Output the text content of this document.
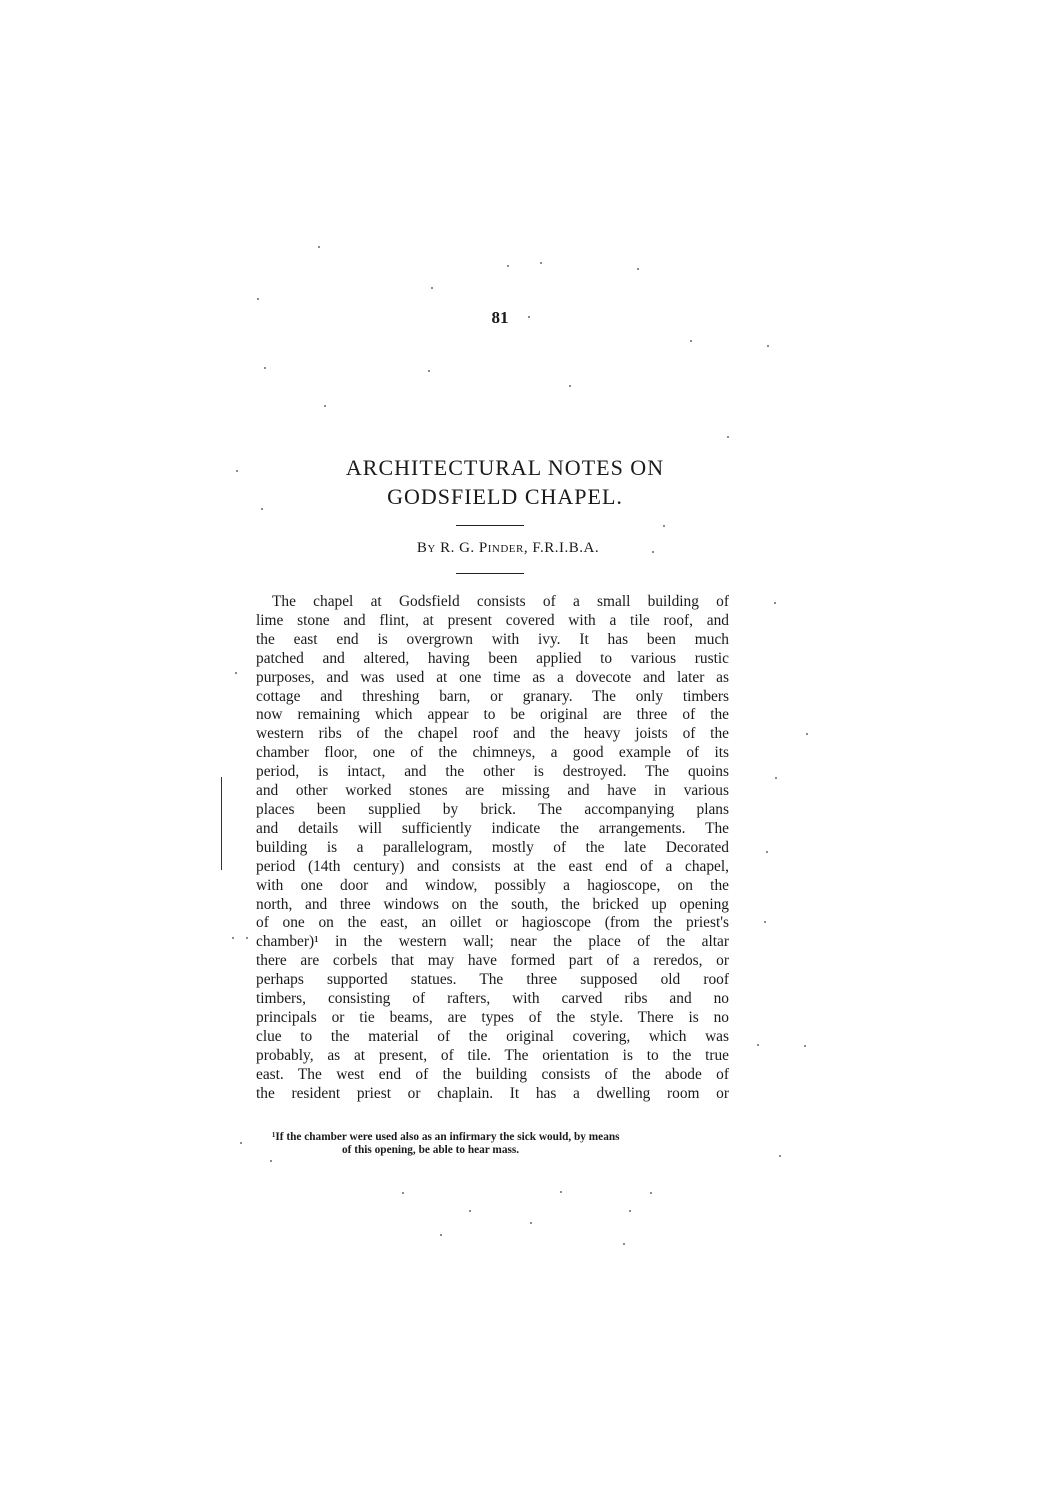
81
ARCHITECTURAL NOTES ON
GODSFIELD CHAPEL.
By R. G. Pinder, F.R.I.B.A.
The chapel at Godsfield consists of a small building of
lime stone and flint, at present covered with a tile roof, and
the east end is overgrown with ivy. It has been much
patched and altered, having been applied to various rustic
purposes, and was used at one time as a dovecote and later as
cottage and threshing barn, or granary. The only timbers
now remaining which appear to be original are three of the
western ribs of the chapel roof and the heavy joists of the
chamber floor, one of the chimneys, a good example of its
period, is intact, and the other is destroyed. The quoins
and other worked stones are missing and have in various
places been supplied by brick. The accompanying plans
and details will sufficiently indicate the arrangements. The
building is a parallelogram, mostly of the late Decorated
period (14th century) and consists at the east end of a chapel,
with one door and window, possibly a hagioscope, on the
north, and three windows on the south, the bricked up opening
of one on the east, an oillet or hagioscope (from the priest's
chamber)¹ in the western wall; near the place of the altar
there are corbels that may have formed part of a reredos, or
perhaps supported statues. The three supposed old roof
timbers, consisting of rafters, with carved ribs and no
principals or tie beams, are types of the style. There is no
clue to the material of the original covering, which was
probably, as at present, of tile. The orientation is to the true
east. The west end of the building consists of the abode of
the resident priest or chaplain. It has a dwelling room or
¹If the chamber were used also as an infirmary the sick would, by means
of this opening, be able to hear mass.
